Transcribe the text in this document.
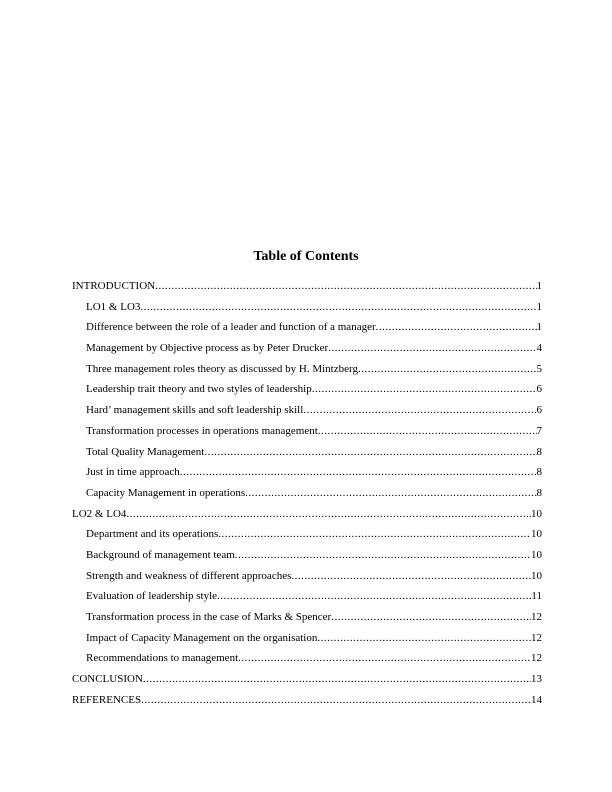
Table of Contents
INTRODUCTION	1
.....
LO1 & LO3	1
.....
Difference between the role of a leader and function of a manager	1
.....
Management by Objective process as by Peter Drucker	4
.....
Three management roles theory as discussed by H. Mintzberg	5
.....
Leadership trait theory and two styles of leadership	6
.....
Hard’ management skills and soft leadership skill	6
.....
Transformation processes in operations management	7
.....
Total Quality Management	8
.....
Just in time approach	8
.....
Capacity Management in operations	8
.....
LO2 & LO4	10
.....
Department and its operations	10
.....
Background of management team	10
.....
Strength and weakness of different approaches	10
.....
Evaluation of leadership style	11
.....
Transformation process in the case of Marks & Spencer	12
.....
Impact of Capacity Management on the organisation	12
.....
Recommendations to management	12
.....
CONCLUSION	13
.....
REFERENCES	14
.....
